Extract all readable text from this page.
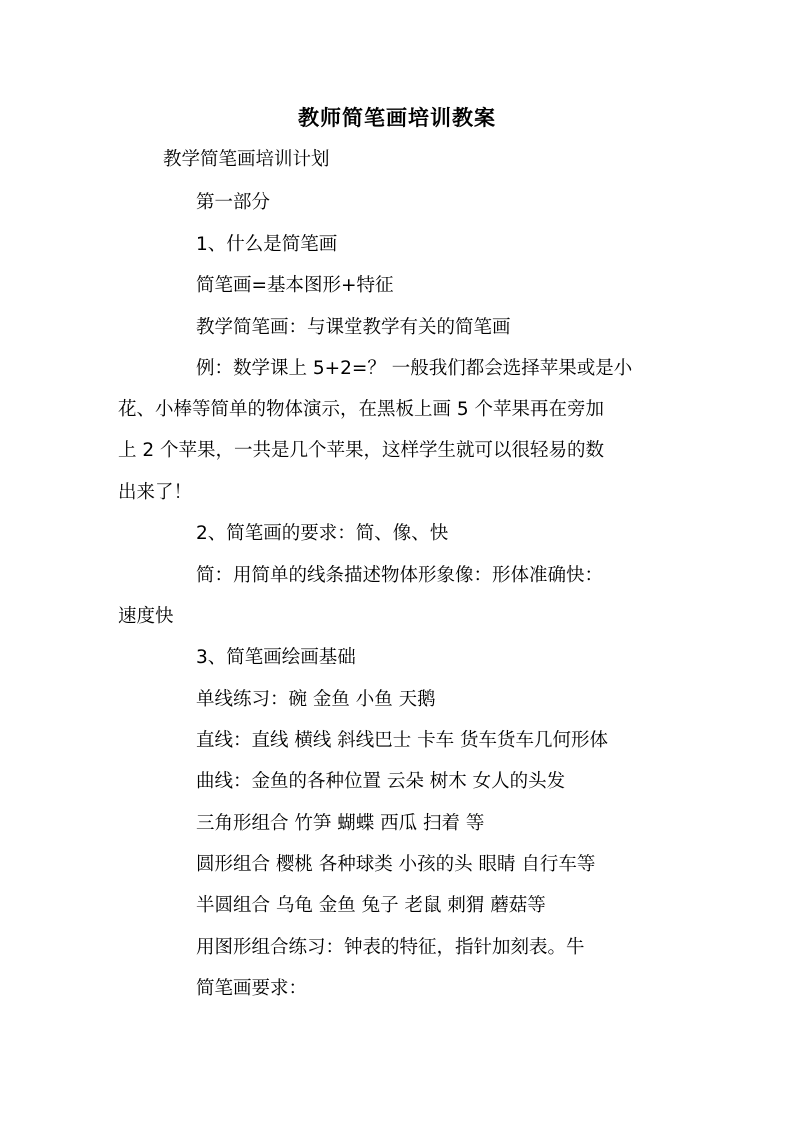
教师简笔画培训教案
教学简笔画培训计划
第一部分
1、什么是简笔画
简笔画=基本图形+特征
教学简笔画：与课堂教学有关的简笔画
例：数学课上 5+2=？ 一般我们都会选择苹果或是小
花、小棒等简单的物体演示，在黑板上画 5 个苹果再在旁加
上 2 个苹果，一共是几个苹果，这样学生就可以很轻易的数
出来了！
2、简笔画的要求：简、像、快
简：用简单的线条描述物体形象像：形体准确快：
速度快
3、简笔画绘画基础
单线练习：碗 金鱼 小鱼 天鹅
直线：直线 横线 斜线巴士 卡车 货车货车几何形体
曲线：金鱼的各种位置 云朵 树木 女人的头发
三角形组合 竹笋 蝴蝶 西瓜 扫着 等
圆形组合 樱桃 各种球类 小孩的头 眼睛 自行车等
半圆组合 乌龟 金鱼 兔子 老鼠 刺猬 蘑菇等
用图形组合练习：钟表的特征，指针加刻表。牛
简笔画要求：
